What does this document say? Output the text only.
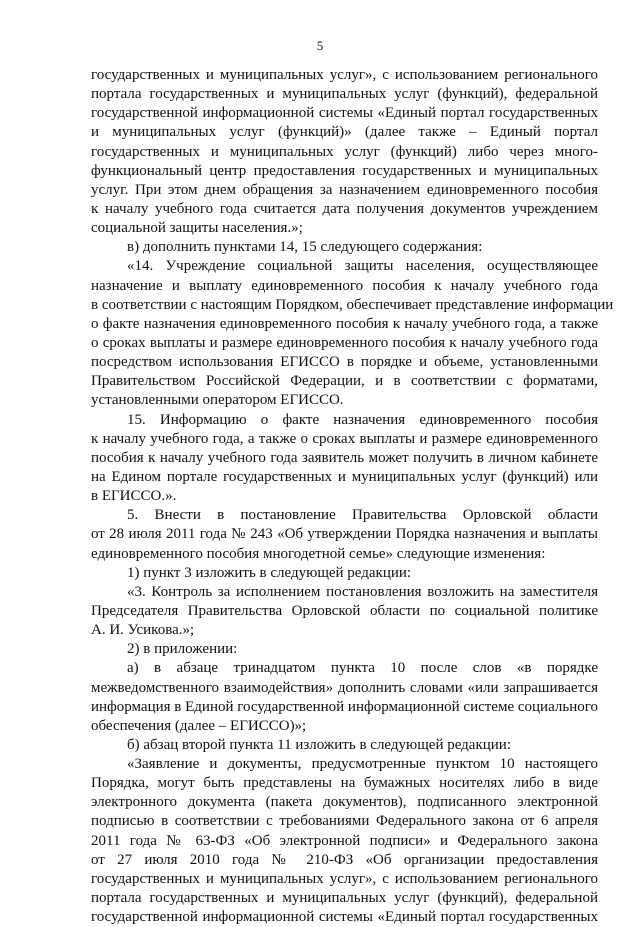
5
государственных и муниципальных услуг», с использованием регионального
портала государственных и муниципальных услуг (функций), федеральной
государственной информационной системы «Единый портал государственных
и муниципальных услуг (функций)» (далее также – Единый портал
государственных и муниципальных услуг (функций) либо через много-
функциональный центр предоставления государственных и муниципальных
услуг. При этом днем обращения за назначением единовременного пособия
к началу учебного года считается дата получения документов учреждением
социальной защиты населения.»;
в) дополнить пунктами 14, 15 следующего содержания:
«14. Учреждение социальной защиты населения, осуществляющее
назначение и выплату единовременного пособия к началу учебного года
в соответствии с настоящим Порядком, обеспечивает представление информации
о факте назначения единовременного пособия к началу учебного года, а также
о сроках выплаты и размере единовременного пособия к началу учебного года
посредством использования ЕГИССО в порядке и объеме, установленными
Правительством Российской Федерации, и в соответствии с форматами,
установленными оператором ЕГИССО.
15. Информацию о факте назначения единовременного пособия
к началу учебного года, а также о сроках выплаты и размере единовременного
пособия к началу учебного года заявитель может получить в личном кабинете
на Едином портале государственных и муниципальных услуг (функций) или
в ЕГИССО.».
5. Внести в постановление Правительства Орловской области
от 28 июля 2011 года № 243 «Об утверждении Порядка назначения и выплаты
единовременного пособия многодетной семье» следующие изменения:
1) пункт 3 изложить в следующей редакции:
«3. Контроль за исполнением постановления возложить на заместителя
Председателя Правительства Орловской области по социальной политике
А. И. Усикова.»;
2) в приложении:
а) в абзаце тринадцатом пункта 10 после слов «в порядке
межведомственного взаимодействия» дополнить словами «или запрашивается
информация в Единой государственной информационной системе социального
обеспечения (далее – ЕГИССО)»;
б) абзац второй пункта 11 изложить в следующей редакции:
«Заявление и документы, предусмотренные пунктом 10 настоящего
Порядка, могут быть представлены на бумажных носителях либо в виде
электронного документа (пакета документов), подписанного электронной
подписью в соответствии с требованиями Федерального закона от 6 апреля
2011 года № 63-ФЗ «Об электронной подписи» и Федерального закона
от 27 июля 2010 года № 210-ФЗ «Об организации предоставления
государственных и муниципальных услуг», с использованием регионального
портала государственных и муниципальных услуг (функций), федеральной
государственной информационной системы «Единый портал государственных
